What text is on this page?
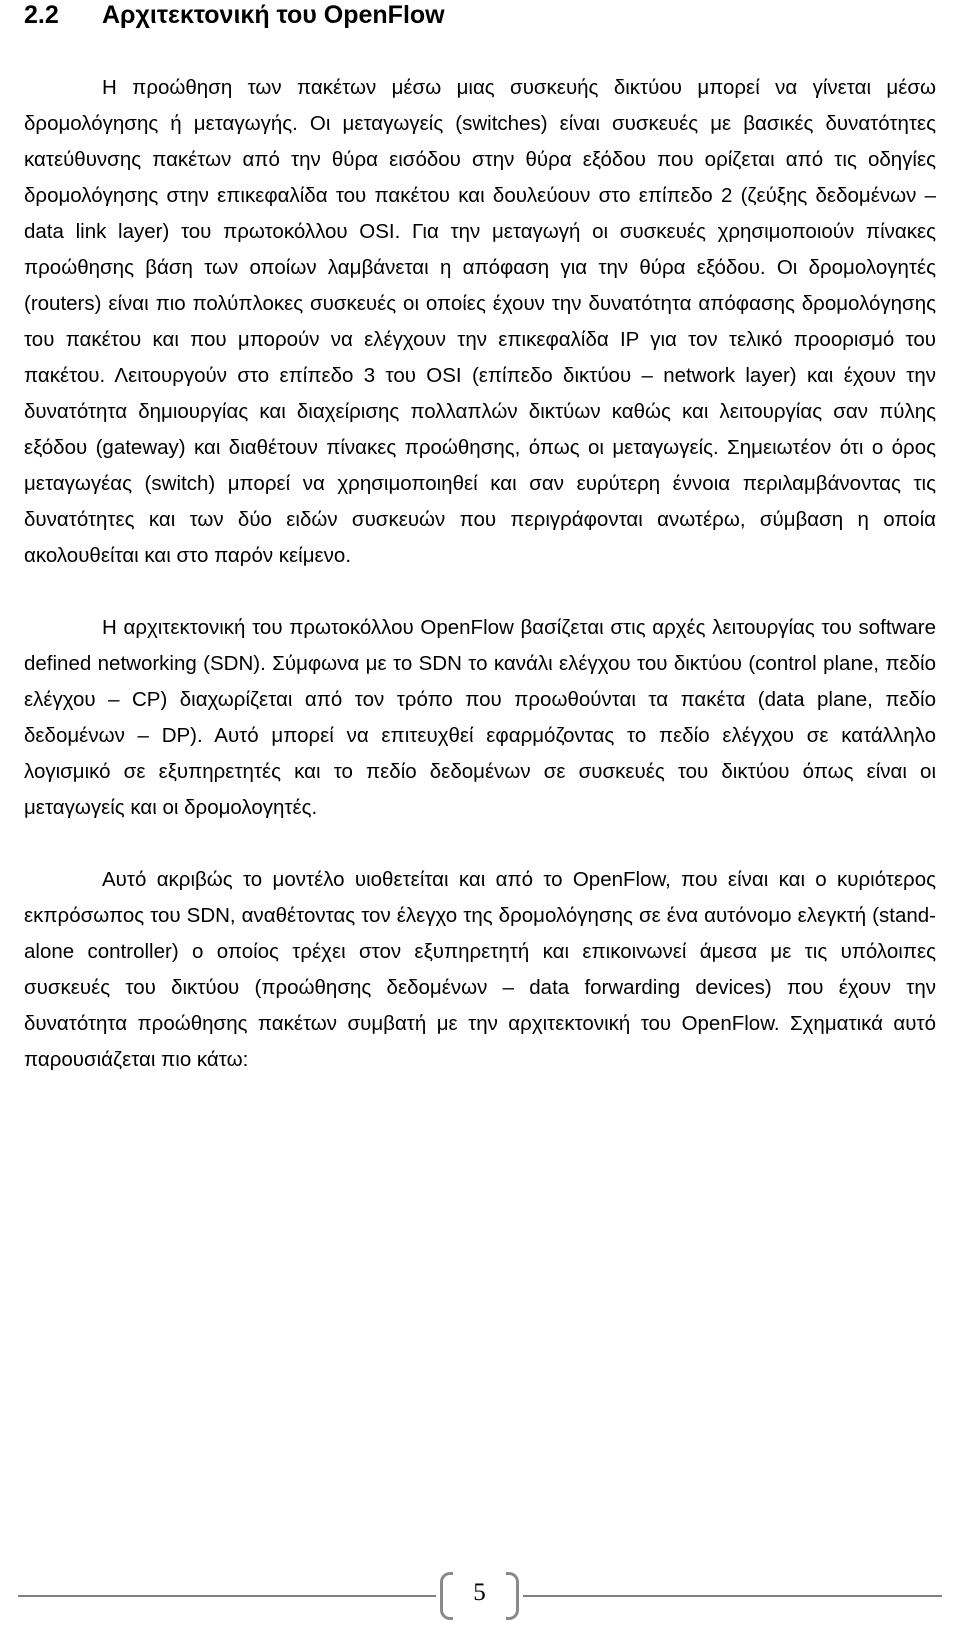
2.2 Αρχιτεκτονική του OpenFlow

Η προώθηση των πακέτων μέσω μιας συσκευής δικτύου μπορεί να γίνεται μέσω δρομολόγησης ή μεταγωγής. Οι μεταγωγείς (switches) είναι συσκευές με βασικές δυνατότητες κατεύθυνσης πακέτων από την θύρα εισόδου στην θύρα εξόδου που ορίζεται από τις οδηγίες δρομολόγησης στην επικεφαλίδα του πακέτου και δουλεύουν στο επίπεδο 2 (ζεύξης δεδομένων – data link layer) του πρωτοκόλλου OSI. Για την μεταγωγή οι συσκευές χρησιμοποιούν πίνακες προώθησης βάση των οποίων λαμβάνεται η απόφαση για την θύρα εξόδου. Οι δρομολογητές (routers) είναι πιο πολύπλοκες συσκευές οι οποίες έχουν την δυνατότητα απόφασης δρομολόγησης του πακέτου και που μπορούν να ελέγχουν την επικεφαλίδα IP για τον τελικό προορισμό του πακέτου. Λειτουργούν στο επίπεδο 3 του OSI (επίπεδο δικτύου – network layer) και έχουν την δυνατότητα δημιουργίας και διαχείρισης πολλαπλών δικτύων καθώς και λειτουργίας σαν πύλης εξόδου (gateway) και διαθέτουν πίνακες προώθησης, όπως οι μεταγωγείς. Σημειωτέον ότι ο όρος μεταγωγέας (switch) μπορεί να χρησιμοποιηθεί και σαν ευρύτερη έννοια περιλαμβάνοντας τις δυνατότητες και των δύο ειδών συσκευών που περιγράφονται ανωτέρω, σύμβαση η οποία ακολουθείται και στο παρόν κείμενο.

Η αρχιτεκτονική του πρωτοκόλλου OpenFlow βασίζεται στις αρχές λειτουργίας του software defined networking (SDN). Σύμφωνα με το SDN το κανάλι ελέγχου του δικτύου (control plane, πεδίο ελέγχου – CP) διαχωρίζεται από τον τρόπο που προωθούνται τα πακέτα (data plane, πεδίο δεδομένων – DP). Αυτό μπορεί να επιτευχθεί εφαρμόζοντας το πεδίο ελέγχου σε κατάλληλο λογισμικό σε εξυπηρετητές και το πεδίο δεδομένων σε συσκευές του δικτύου όπως είναι οι μεταγωγείς και οι δρομολογητές.

Αυτό ακριβώς το μοντέλο υιοθετείται και από το OpenFlow, που είναι και ο κυριότερος εκπρόσωπος του SDN, αναθέτοντας τον έλεγχο της δρομολόγησης σε ένα αυτόνομο ελεγκτή (stand-alone controller) ο οποίος τρέχει στον εξυπηρετητή και επικοινωνεί άμεσα με τις υπόλοιπες συσκευές του δικτύου (προώθησης δεδομένων – data forwarding devices) που έχουν την δυνατότητα προώθησης πακέτων συμβατή με την αρχιτεκτονική του OpenFlow. Σχηματικά αυτό παρουσιάζεται πιο κάτω:

5
